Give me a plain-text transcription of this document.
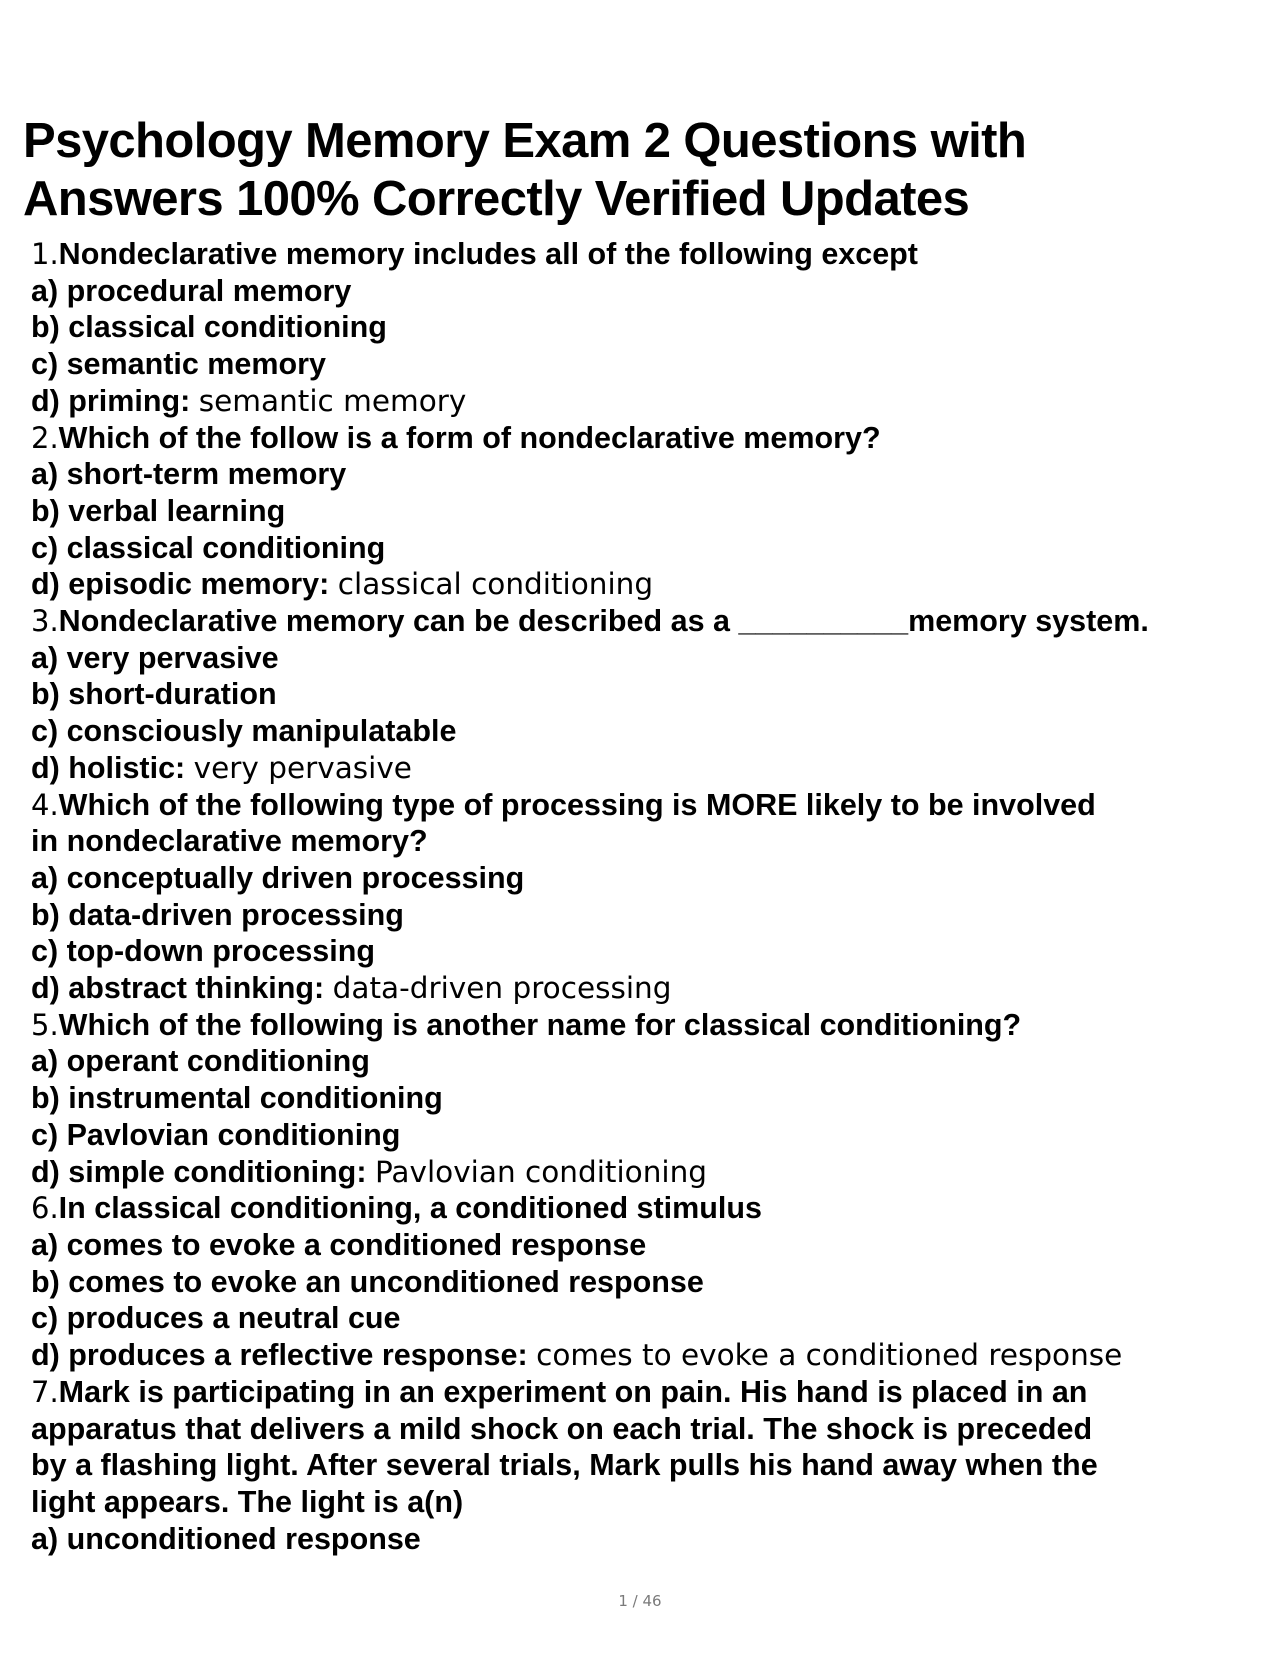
Psychology Memory Exam 2 Questions with
Answers 100% Correctly Verified Updates
1.Nondeclarative memory includes all of the following except
a) procedural memory
b) classical conditioning
c) semantic memory
d) priming: semantic memory
2.Which of the follow is a form of nondeclarative memory?
a) short-term memory
b) verbal learning
c) classical conditioning
d) episodic memory: classical conditioning
3.Nondeclarative memory can be described as a __________memory system.
a) very pervasive
b) short-duration
c) consciously manipulatable
d) holistic: very pervasive
4.Which of the following type of processing is MORE likely to be involved
in nondeclarative memory?
a) conceptually driven processing
b) data-driven processing
c) top-down processing
d) abstract thinking: data-driven processing
5.Which of the following is another name for classical conditioning?
a) operant conditioning
b) instrumental conditioning
c) Pavlovian conditioning
d) simple conditioning: Pavlovian conditioning
6.In classical conditioning, a conditioned stimulus
a) comes to evoke a conditioned response
b) comes to evoke an unconditioned response
c) produces a neutral cue
d) produces a reflective response: comes to evoke a conditioned response
7.Mark is participating in an experiment on pain. His hand is placed in an
apparatus that delivers a mild shock on each trial. The shock is preceded
by a flashing light. After several trials, Mark pulls his hand away when the
light appears. The light is a(n)
a) unconditioned response
1 / 46
